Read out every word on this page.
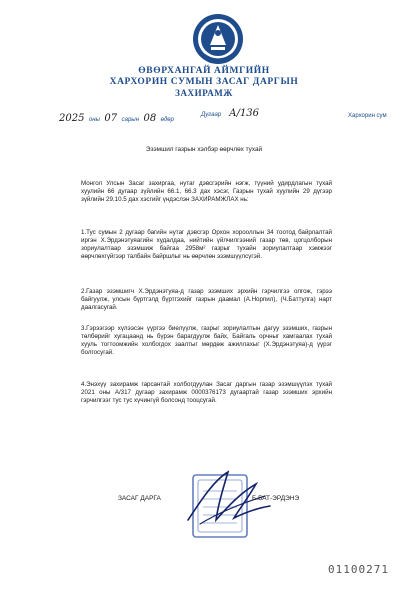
ӨВӨРХАНГАЙ АЙМГИЙН
ХАРХОРИН СУМЫН ЗАСАГ ДАРГЫН
ЗАХИРАМЖ
2025 оны 07 сарын 08 өдөр
Дугаар А/136	Хархорин сум
Эзэмшил газрын хэлбэр өөрчлөх тухай
Монгол Улсын Засаг захиргаа, нутаг дэвсгэрийн нэгж, түүний удирдлагын тухай хуулийн 66 дугаар зүйлийн 66.1, 66.3 дах хэсэг, Газрын тухай хуулийн 29 дүгээр зүйлийн 29.10.5 дах хэсгийг үндэслэн ЗАХИРАМЖЛАХ нь:
1.Тус сумын 2 дугаар багийн нутаг дэвсгэр Орхон хорооллын 34 тоотод байрлалтай иргэн Х.Эрдэнэтуяагийн худалдаа, нийтийн үйлчилгээний газар төв, цогцолборын зориулалтаар эзэмшиж байгаа 2958м² газрыг тухайн зориулалтаар хэмжээг өөрчлөхгүйгээр талбайн байршлыг нь өөрчлөн эзэмшүүлсүгэй.
2.Газар эзэмшигч Х.Эрдэнэтуяа-д газар эзэмших эрхийн гэрчилгээ олгож, гэрээ байгуулж, улсын бүртгэлд бүртгэхийг газрын даамал (А.Норпил), (Ч.Баттулга) нарт даалгасугай.
3.Гэрээгээр хүлээсэн үүргээ биелүүлж, газрыг зориулалтын дагуу эзэмших, газрын төлбөрийг хугацаанд нь бүрэн барагдуулж байх, Байгаль орчныг хамгаалах тухай хууль тогтоомжийн холбогдох заалтыг мөрдөж ажиллахыг (Х.Эрдэнэтуяа)-д үүрэг болгосугай.
4.Энэхүү захирамж гарсантай холбогдуулан Засаг даргын газар эзэмшүүлэх тухай 2021 оны А/317 дугаар захирамж 0000376173 дугаартай газар эзэмших эрхийн гэрчилгээг тус тус хүчингүй болсонд тооцсугай.
ЗАСАГ ДАРГА	Б.БАТ-ЭРДЭНЭ
01100271
